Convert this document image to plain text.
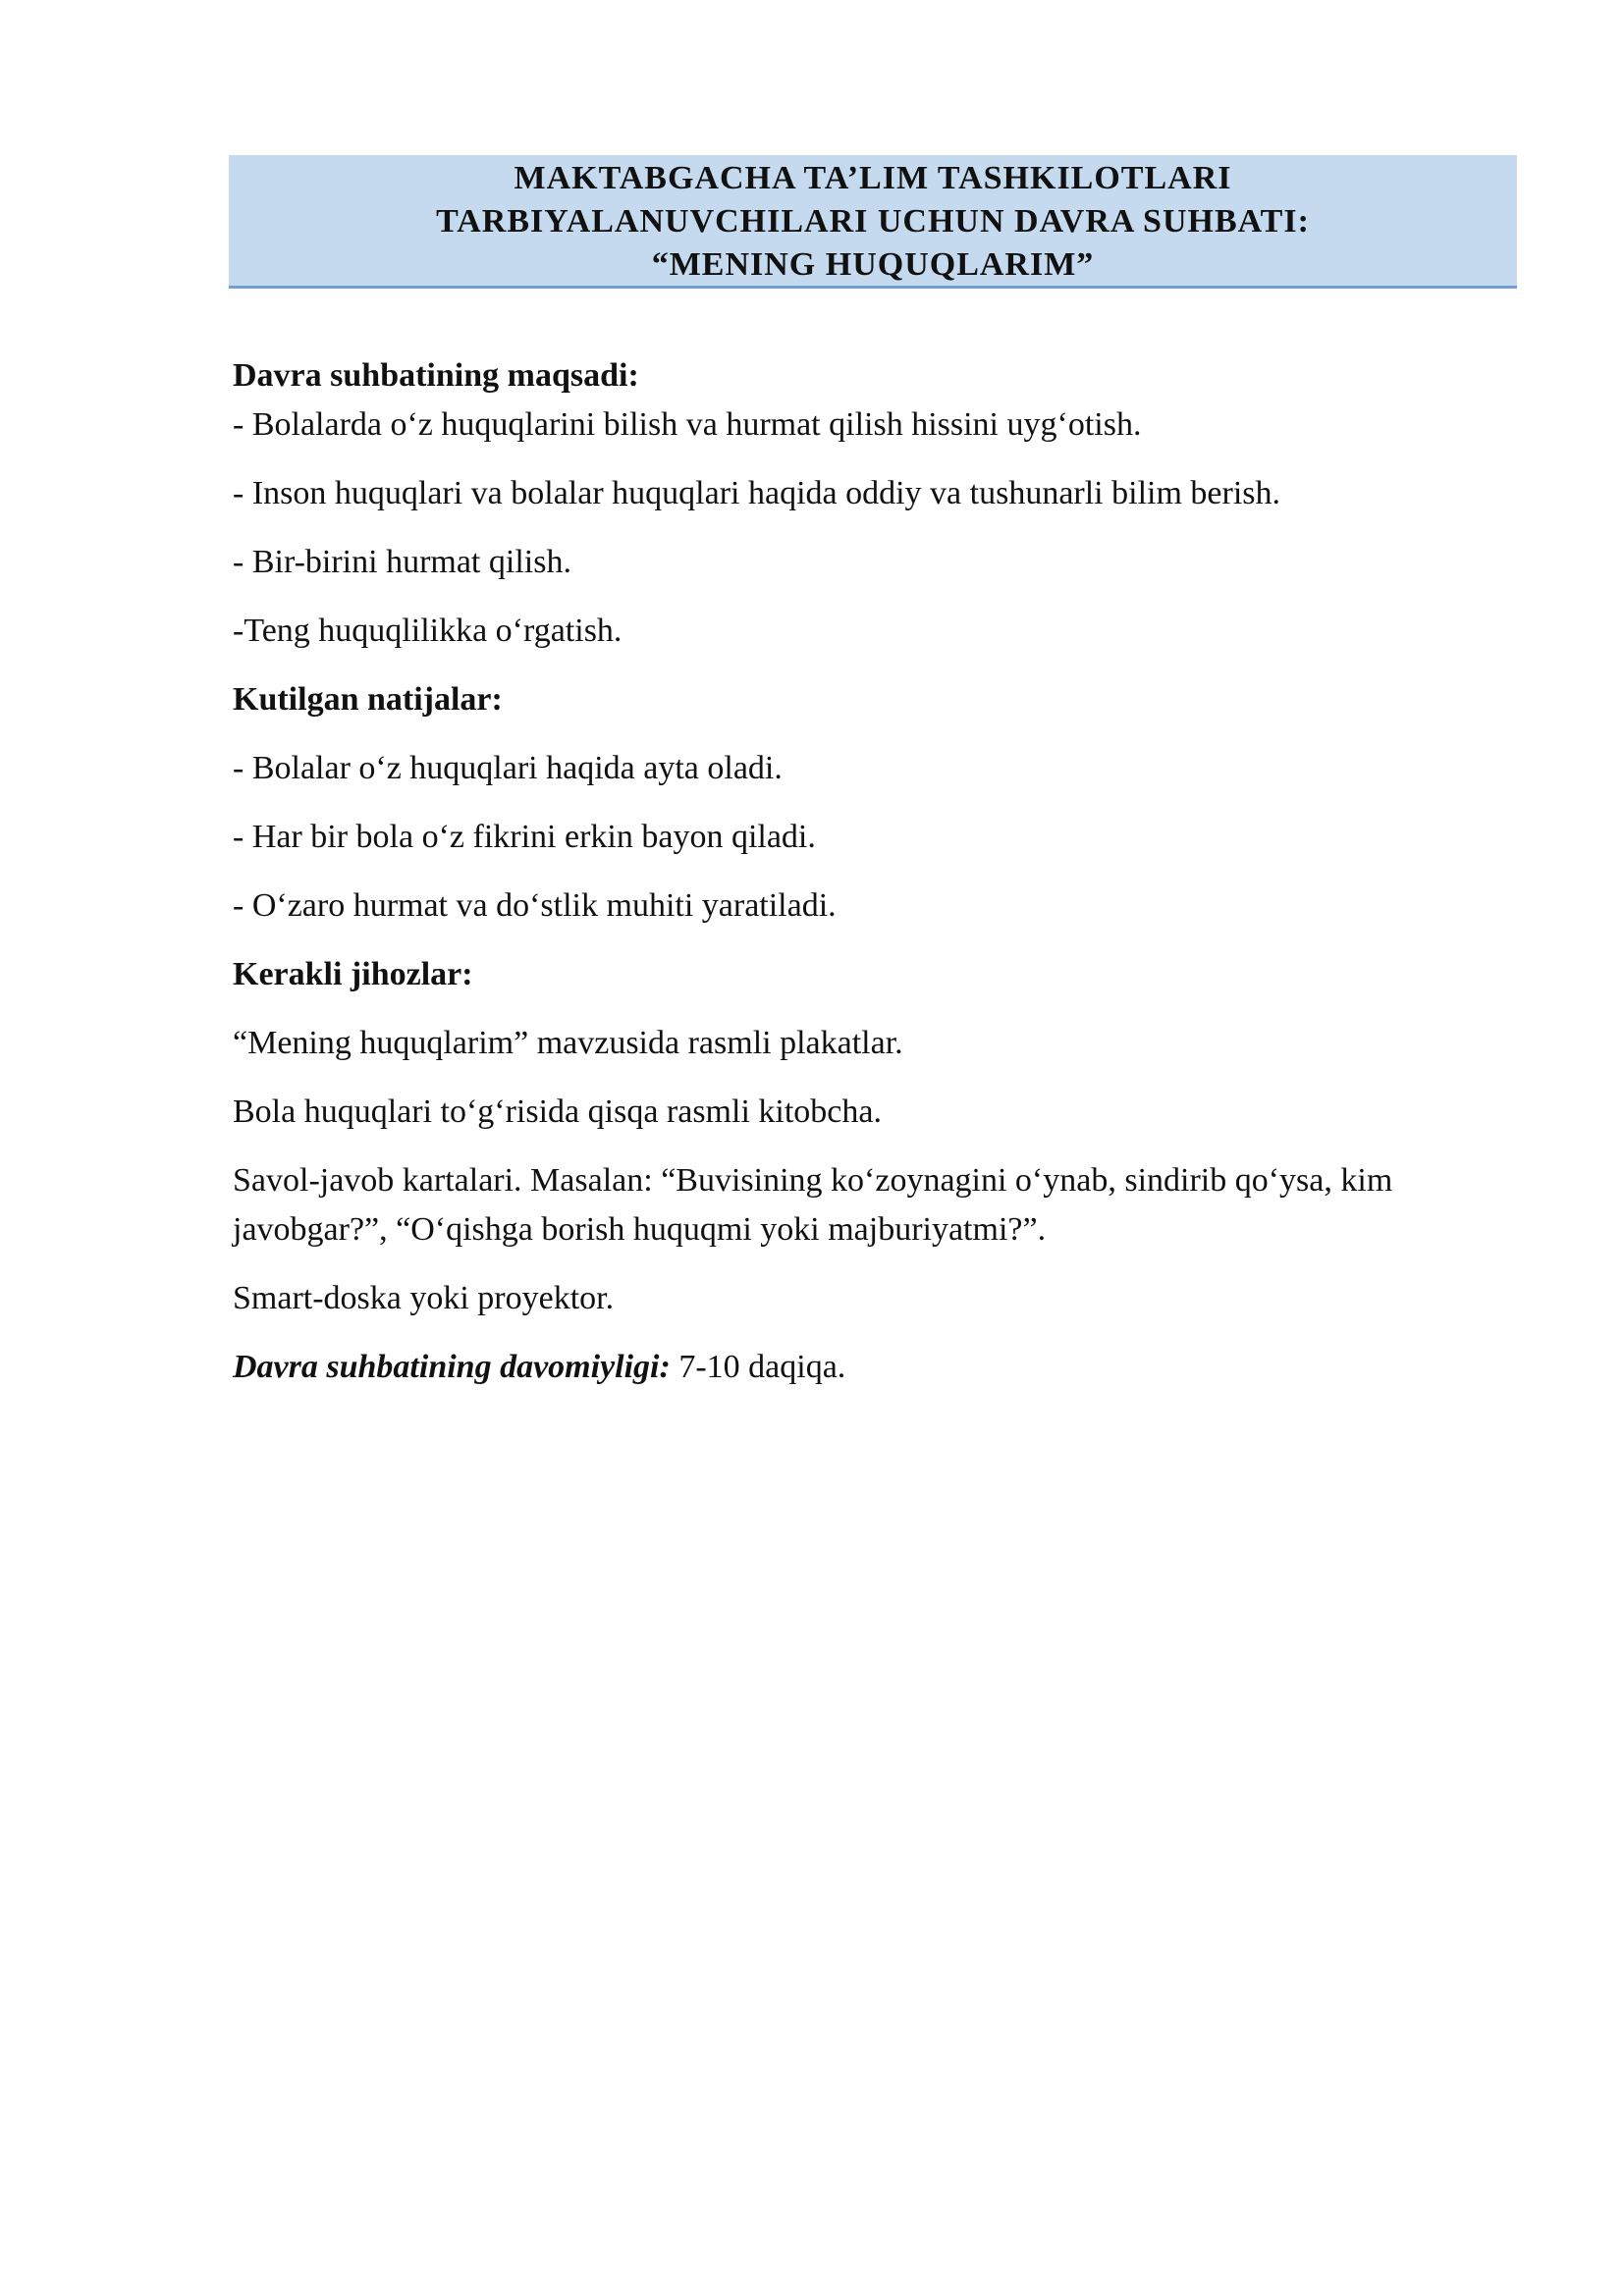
MAKTABGACHA TA’LIM TASHKILOTLARI
TARBIYALANUVCHILARI UCHUN DAVRA SUHBATI:
“MENING HUQUQLARIM”

Davra suhbatining maqsadi:

- Bolalarda o‘z huquqlarini bilish va hurmat qilish hissini uyg‘otish.

- Inson huquqlari va bolalar huquqlari haqida oddiy va tushunarli bilim berish.

- Bir-birini hurmat qilish.

-Teng huquqlilikka o‘rgatish.

Kutilgan natijalar:

- Bolalar o‘z huquqlari haqida ayta oladi.

- Har bir bola o‘z fikrini erkin bayon qiladi.

- O‘zaro hurmat va do‘stlik muhiti yaratiladi.

Kerakli jihozlar:

“Mening huquqlarim” mavzusida rasmli plakatlar.

Bola huquqlari to‘g‘risida qisqa rasmli kitobcha.

Savol-javob kartalari. Masalan: “Buvisining ko‘zoynagini o‘ynab, sindirib qo‘ysa, kim javobgar?”, “O‘qishga borish huquqmi yoki majburiyatmi?”.

Smart-doska yoki proyektor.

Davra suhbatining davomiyligi: 7-10 daqiqa.
